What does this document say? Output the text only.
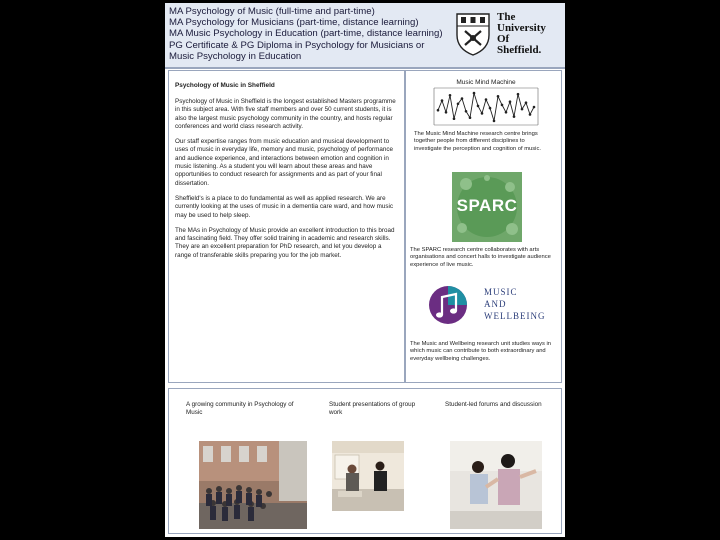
MA Psychology of Music (full-time and part-time)
MA Psychology for Musicians (part-time, distance learning)
MA Music Psychology in Education (part-time, distance learning)
PG Certificate & PG Diploma in Psychology for Musicians or
Music Psychology in Education
The
University
Of
Sheffield.
Psychology of Music in Sheffield

Psychology of Music in Sheffield is the longest established Masters programme in this subject area. With five staff members and over 50 current students, it is also the largest music psychology community in the country, and hosts regular conferences and world class research activity.

Our staff expertise ranges from music education and musical development to uses of music in everyday life, memory and music, psychology of performance and audience experience, and interactions between emotion and cognition in music listening. As a student you will learn about these areas and have opportunities to conduct research for assignments and as part of your final dissertation.

Sheffield's is a place to do fundamental as well as applied research. We are currently looking at the uses of music in a dementia care ward, and how music may be used to help sleep.

The MAs in Psychology of Music provide an excellent introduction to this broad and fascinating field. They offer solid training in academic and research skills. They are an excellent preparation for PhD research, and let you develop a range of transferable skills preparing you for the job market.

Music Mind Machine
The Music Mind Machine research centre brings together people from different disciplines to investigate the perception and cognition of music.
SPARC
The SPARC research centre collaborates with arts organisations and concert halls to investigate audience experience of live music.
MUSIC
AND
WELLBEING
The Music and Wellbeing research unit studies ways in which music can contribute to both extraordinary and everyday wellbeing challenges.
A growing community in Psychology of Music
Student presentations of group work
Student-led forums and discussion
